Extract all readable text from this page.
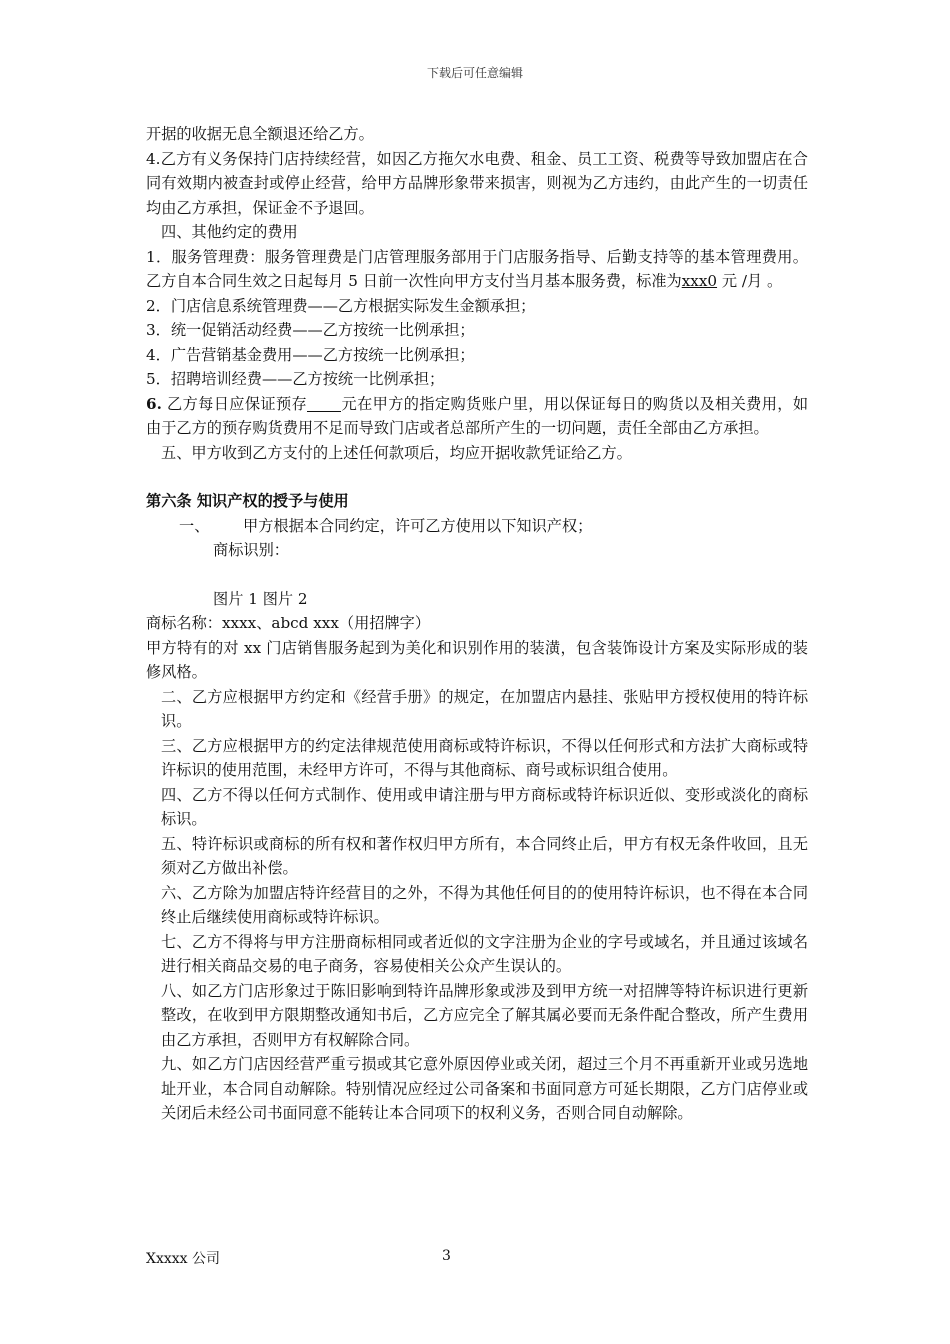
下载后可任意编辑

开据的收据无息全额退还给乙方。

4.乙方有义务保持门店持续经营，如因乙方拖欠水电费、租金、员工工资、税费等导致加盟店在合同有效期内被查封或停止经营，给甲方品牌形象带来损害，则视为乙方违约，由此产生的一切责任均由乙方承担，保证金不予退回。

四、其他约定的费用

1．服务管理费：服务管理费是门店管理服务部用于门店服务指导、后勤支持等的基本管理费用。乙方自本合同生效之日起每月 5 日前一次性向甲方支付当月基本服务费，标准为xxx0 元 /月 。

2．门店信息系统管理费——乙方根据实际发生金额承担；

3．统一促销活动经费——乙方按统一比例承担；

4．广告营销基金费用——乙方按统一比例承担；

5．招聘培训经费——乙方按统一比例承担；

6. 乙方每日应保证预存 元在甲方的指定购货账户里，用以保证每日的购货以及相关费用，如由于乙方的预存购货费用不足而导致门店或者总部所产生的一切问题，责任全部由乙方承担。

五、甲方收到乙方支付的上述任何款项后，均应开据收款凭证给乙方。

第六条 知识产权的授予与使用

一、 甲方根据本合同约定，许可乙方使用以下知识产权；

商标识别：

图片 1 图片 2

商标名称：xxxx、abcd xxx（用招牌字）

甲方特有的对 xx 门店销售服务起到为美化和识别作用的装潢，包含装饰设计方案及实际形成的装修风格。

二、乙方应根据甲方约定和《经营手册》的规定，在加盟店内悬挂、张贴甲方授权使用的特许标识。

三、乙方应根据甲方的约定法律规范使用商标或特许标识，不得以任何形式和方法扩大商标或特许标识的使用范围，未经甲方许可，不得与其他商标、商号或标识组合使用。

四、乙方不得以任何方式制作、使用或申请注册与甲方商标或特许标识近似、变形或淡化的商标标识。

五、特许标识或商标的所有权和著作权归甲方所有，本合同终止后，甲方有权无条件收回，且无须对乙方做出补偿。

六、乙方除为加盟店特许经营目的之外，不得为其他任何目的的使用特许标识，也不得在本合同终止后继续使用商标或特许标识。

七、乙方不得将与甲方注册商标相同或者近似的文字注册为企业的字号或域名，并且通过该域名进行相关商品交易的电子商务，容易使相关公众产生误认的。

八、如乙方门店形象过于陈旧影响到特许品牌形象或涉及到甲方统一对招牌等特许标识进行更新整改，在收到甲方限期整改通知书后，乙方应完全了解其属必要而无条件配合整改，所产生费用由乙方承担，否则甲方有权解除合同。

九、如乙方门店因经营严重亏损或其它意外原因停业或关闭，超过三个月不再重新开业或另选地址开业，本合同自动解除。特别情况应经过公司备案和书面同意方可延长期限，乙方门店停业或关闭后未经公司书面同意不能转让本合同项下的权利义务，否则合同自动解除。

Xxxxx 公司	3
